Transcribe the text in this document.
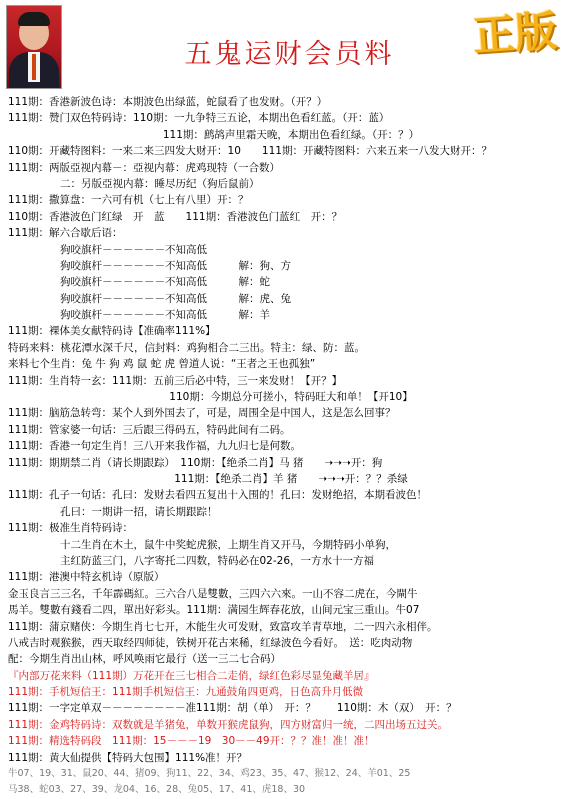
五鬼运财会员料	正版
111期：香港新波色诗：本期波色出绿蓝，蛇鼠看了也发财。（开？）
111期：赞门双色特码诗：110期：一九争特三五论，本期出色看红蓝。（开：蓝）
111期：鹧鸪声里霜天晚，本期出色看红绿。（开：？）
110期：开藏特图料：一来二来三四发大财开：10　　111期：开藏特图料：六来五来一八发大财开：？
111期：两版亞视内幕－：亞视内幕：虎鸡现特（一合数）
二：另版亞视内幕：睡尽历纪（狗后鼠前）
111期：撒算盘：一六可有机（七上有八里）开：？
110期：香港波色门红绿　开　蓝　　111期：香港波色门蓝红　开：？
111期：解六合歇后语：
狗咬旗杆－－－－－－不知高低
狗咬旗杆－－－－－－不知高低　　　解：狗、方
狗咬旗杆－－－－－－不知高低　　　解：蛇
狗咬旗杆－－－－－－不知高低　　　解：虎、兔
狗咬旗杆－－－－－－不知高低　　　解：羊
111期：裸体美女献特码诗【准确率111%】
特码来料：桃花潭水深千尺，信封料：鸡狗相合二三出。特主：绿、防：蓝。
来料七个生肖：兔 牛 狗 鸡 鼠 蛇 虎 曾道人说：“王者之王也孤独”
111期：生肖特一玄：111期：五前三后必中特，三一来发财！【开？】
110期：今期总分可搓小，特码旺大和单！【开10】
111期：脑筋急转弯：某个人到外国去了，可是，周围全是中国人，这是怎么回事？
111期：管家婆一句话：三后跟三得码五，特码此间有二码。
111期：香港一句定生肖！三八开来我作福，九九归七是何数。
111期：期期禁二肖（请长期跟踪）　110期：【绝杀二肖】马 猪　　➝➝➝开：狗
111期：【绝杀二肖】羊 猪　　➝➝➝开：？？杀绿
111期：孔子一句话：孔曰：发财去看四五复出十入围的！孔曰：发财绝招，本期看波色！
孔曰：一期讲一招，请长期跟踪！
111期：极准生肖特码诗：
十二生肖在木土，鼠牛中奖蛇虎猴，上期生肖又开马，今期特码小单狗，
主红防蓝三门，八字寄托二四数，特码必在02-26，一方水十一方福
111期：港澳中特玄机诗（原版）
金玉良言三三名，千年霹碼紅。三六合八是雙數，三四六六來。一山不容二虎在，今閘牛
馬羊。雙數有錢看二四，單出好彩头。111期：满园生辉春花放，山间元宝三重山。牛07
111期：蒲京赌侠：今期生肖七七开，木能生火可发财，致富攻羊青草地，二一四六永相伴。
八戒吉时观猴猴，西天取经四师徒，铁树开花古来稀，红绿波色今看好。　送：吃肉动物
配：今期生肖出山林，呼风唤雨它最行（送一三二七合码）
『内部万花来料（111期）万花开在三七相合二走俏，绿红色彩尽显兔藏羊居』
111期：手机短信王：111期手机短信王：九通鼓角四更鸡，日色高升月低微
111期：一字定单双－－－－－－－－准111期：胡（单）　开：？　　110期：木（双）　开：？
111期：金鸡特码诗：双数就是羊猪兔，单数开猴虎鼠狗，四方财富归一统，二四出场五过关。
111期：精选特码段　111期：15－－－19　30－－49开：？？准！准！准！
111期：黄大仙提供【特码大包围】111%准！开？
牛07、19、31、鼠20、44、猪09、狗11、22、34、鸡23、35、47、猴12、24、羊01、25
马38、蛇03、27、39、龙04、16、28、兔05、17、41、虎18、30
